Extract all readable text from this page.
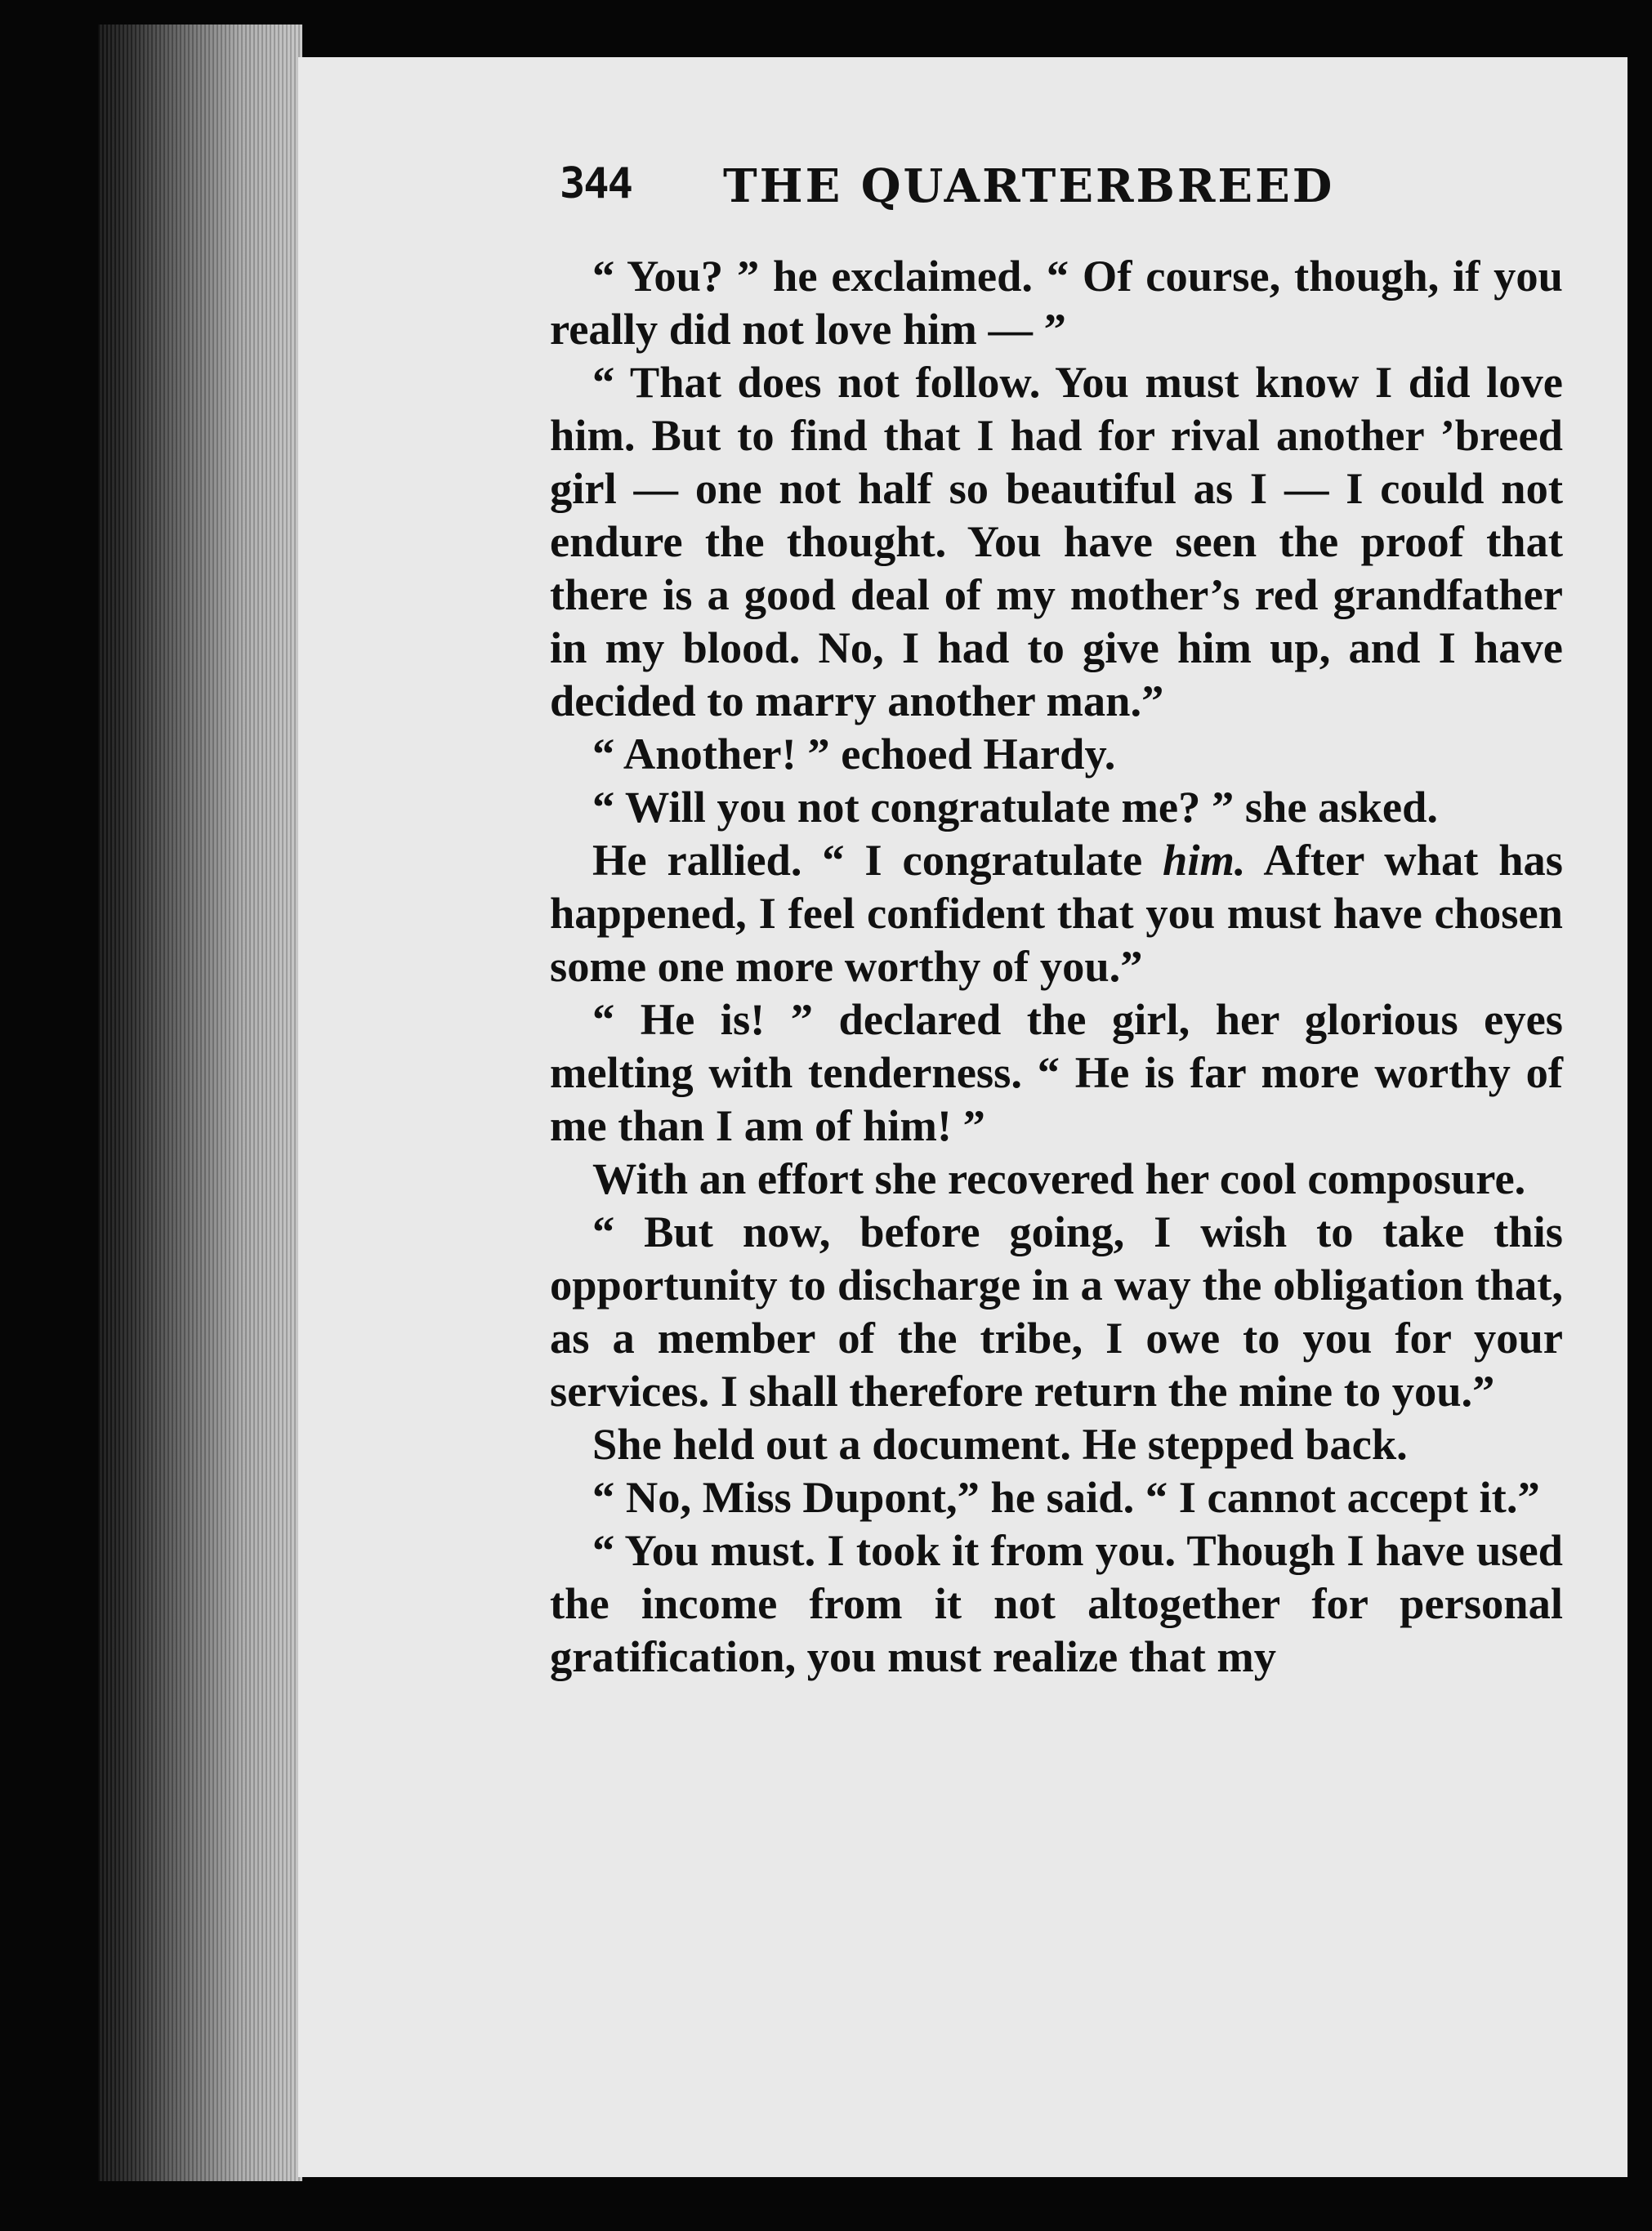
344 THE QUARTERBREED

“ You? ” he exclaimed. “ Of course, though, if you really did not love him — ”

“ That does not follow. You must know I did love him. But to find that I had for rival another ’breed girl — one not half so beautiful as I — I could not endure the thought. You have seen the proof that there is a good deal of my mother’s red grandfather in my blood. No, I had to give him up, and I have decided to marry another man.”

“ Another! ” echoed Hardy.

“ Will you not congratulate me? ” she asked.

He rallied. “ I congratulate him. After what has happened, I feel confident that you must have chosen some one more worthy of you.”

“ He is! ” declared the girl, her glorious eyes melting with tenderness. “ He is far more worthy of me than I am of him! ”

With an effort she recovered her cool composure.

“ But now, before going, I wish to take this opportunity to discharge in a way the obligation that, as a member of the tribe, I owe to you for your services. I shall therefore return the mine to you.”

She held out a document. He stepped back.

“ No, Miss Dupont,” he said. “ I cannot accept it.”

“ You must. I took it from you. Though I have used the income from it not altogether for personal gratification, you must realize that my
